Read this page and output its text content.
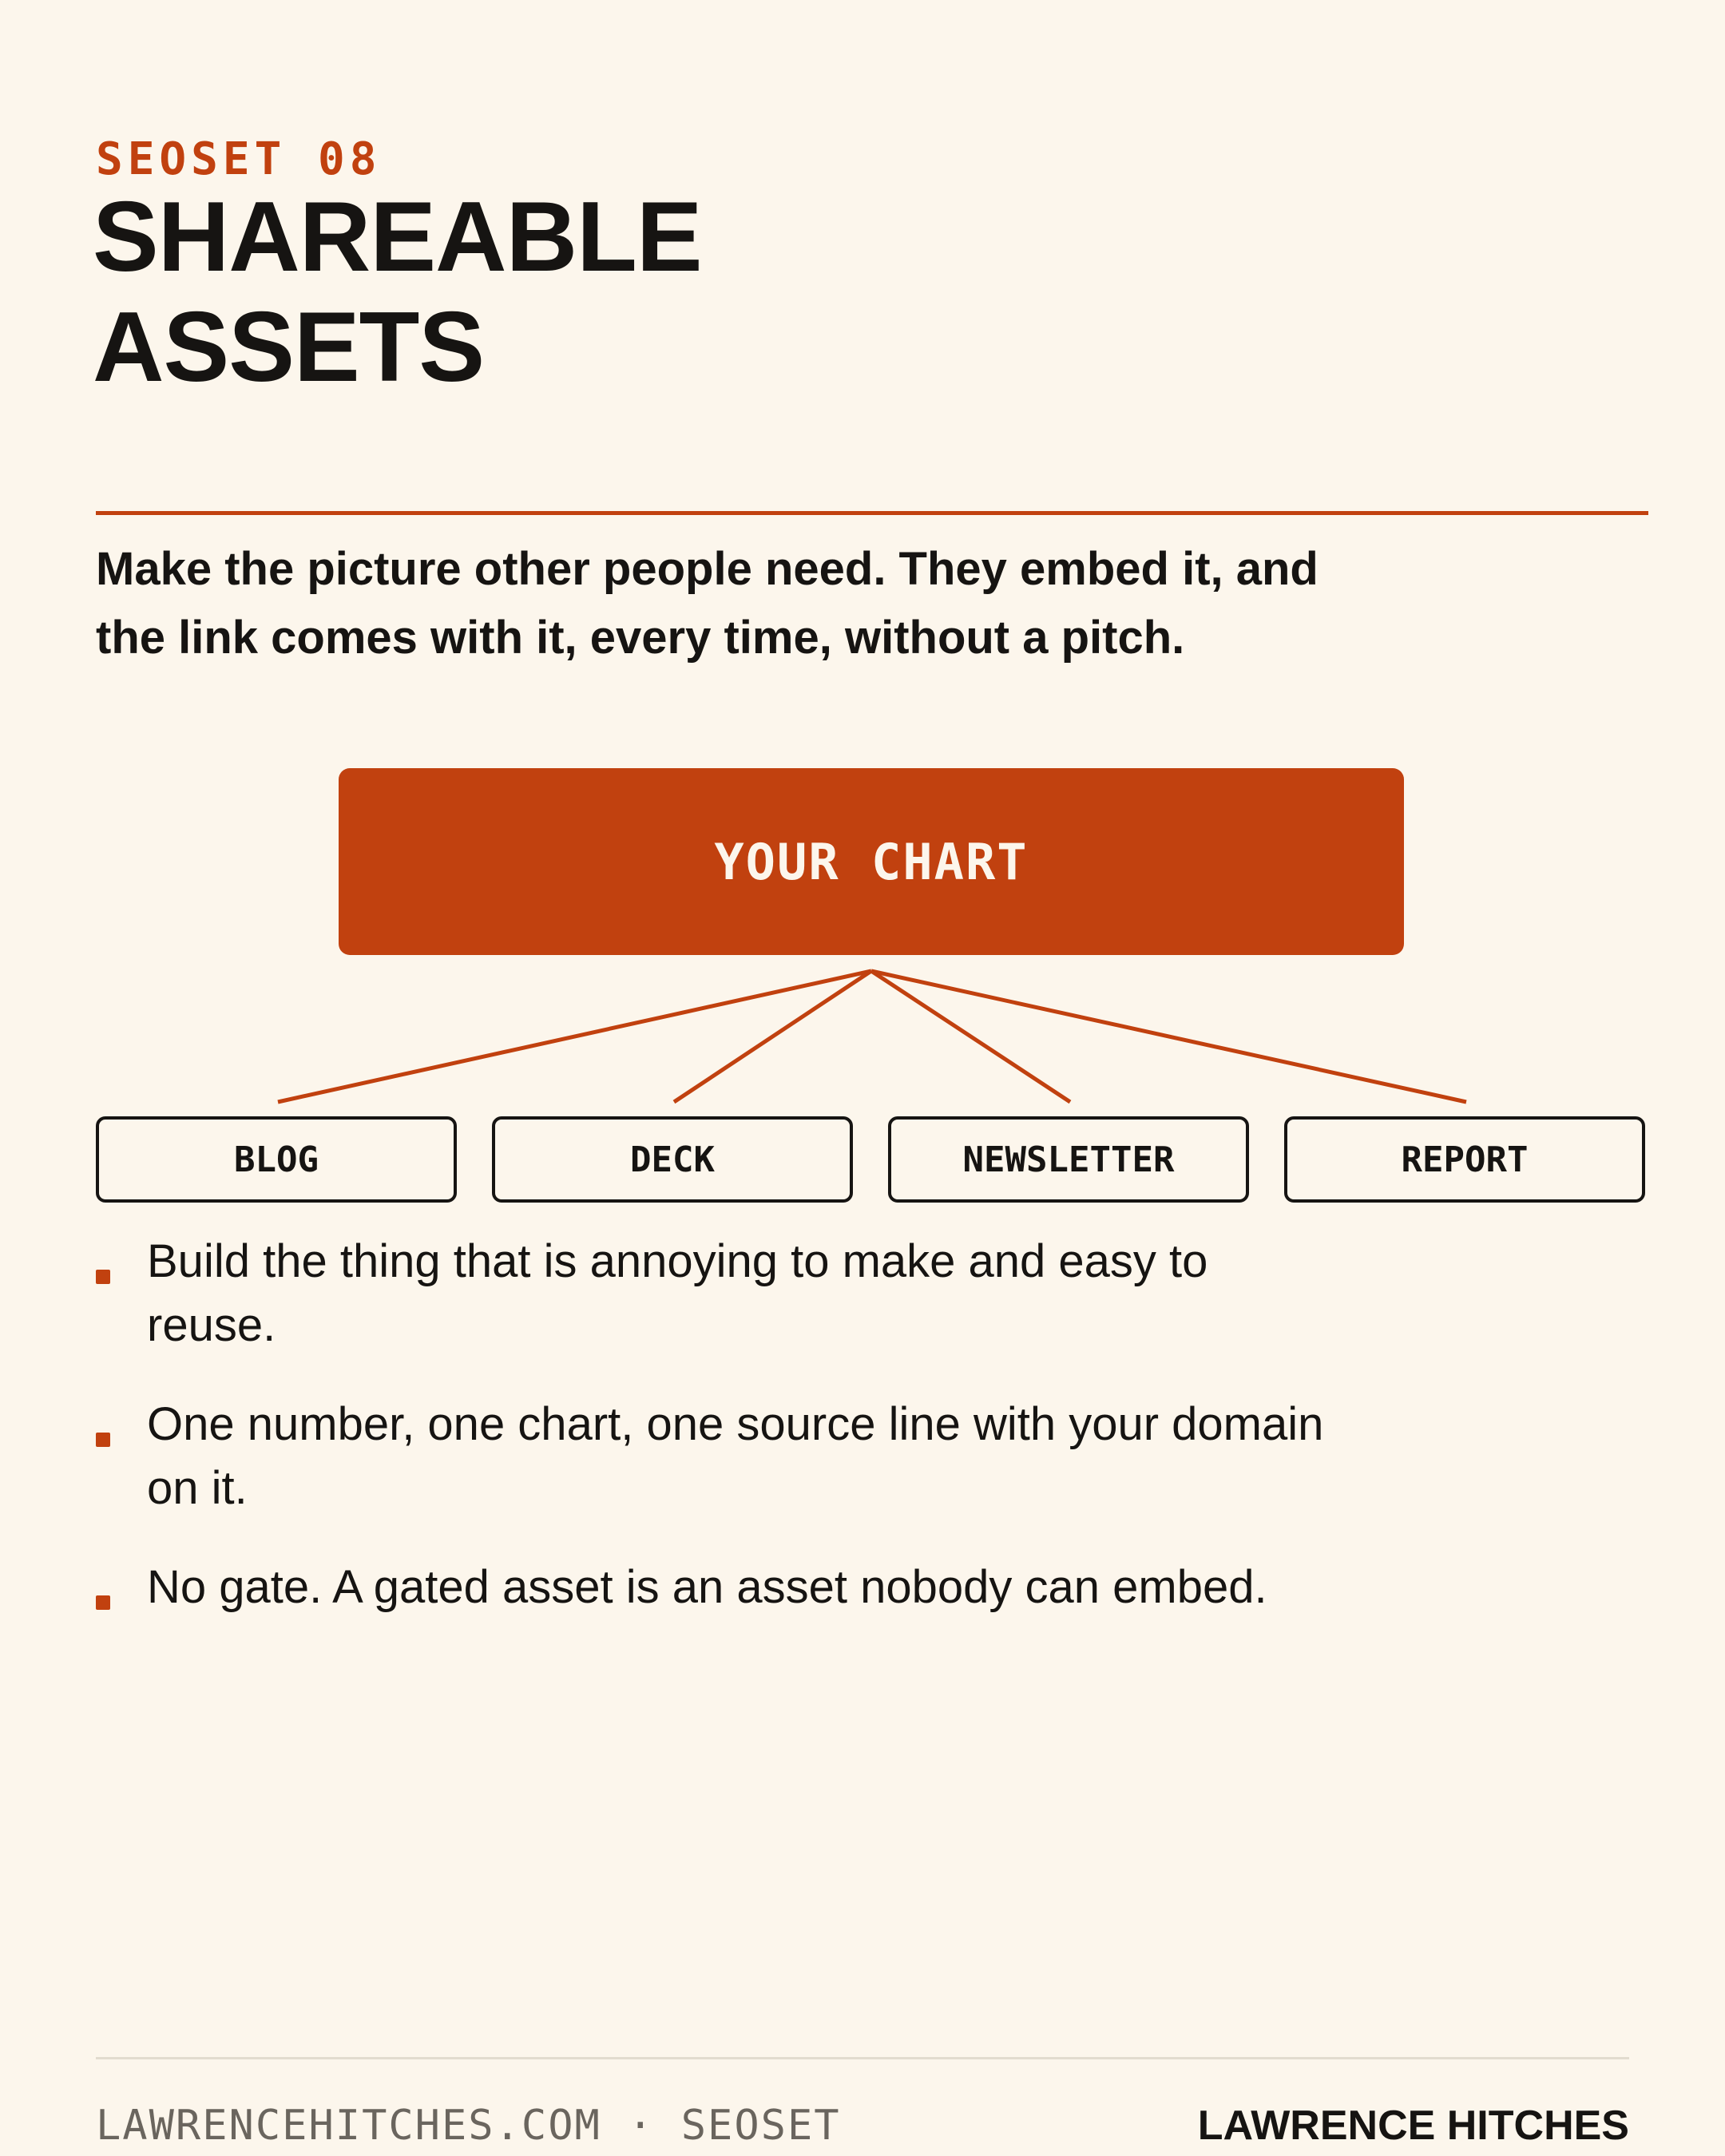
SEOSET 08
SHAREABLE
ASSETS

Make the picture other people need. They embed it, and
the link comes with it, every time, without a pitch.

YOUR CHART
BLOG	DECK	NEWSLETTER	REPORT
Build the thing that is annoying to make and easy to
reuse.
One number, one chart, one source line with your domain
on it.
No gate. A gated asset is an asset nobody can embed.
LAWRENCEHITCHES.COM · SEOSET	LAWRENCE HITCHES
